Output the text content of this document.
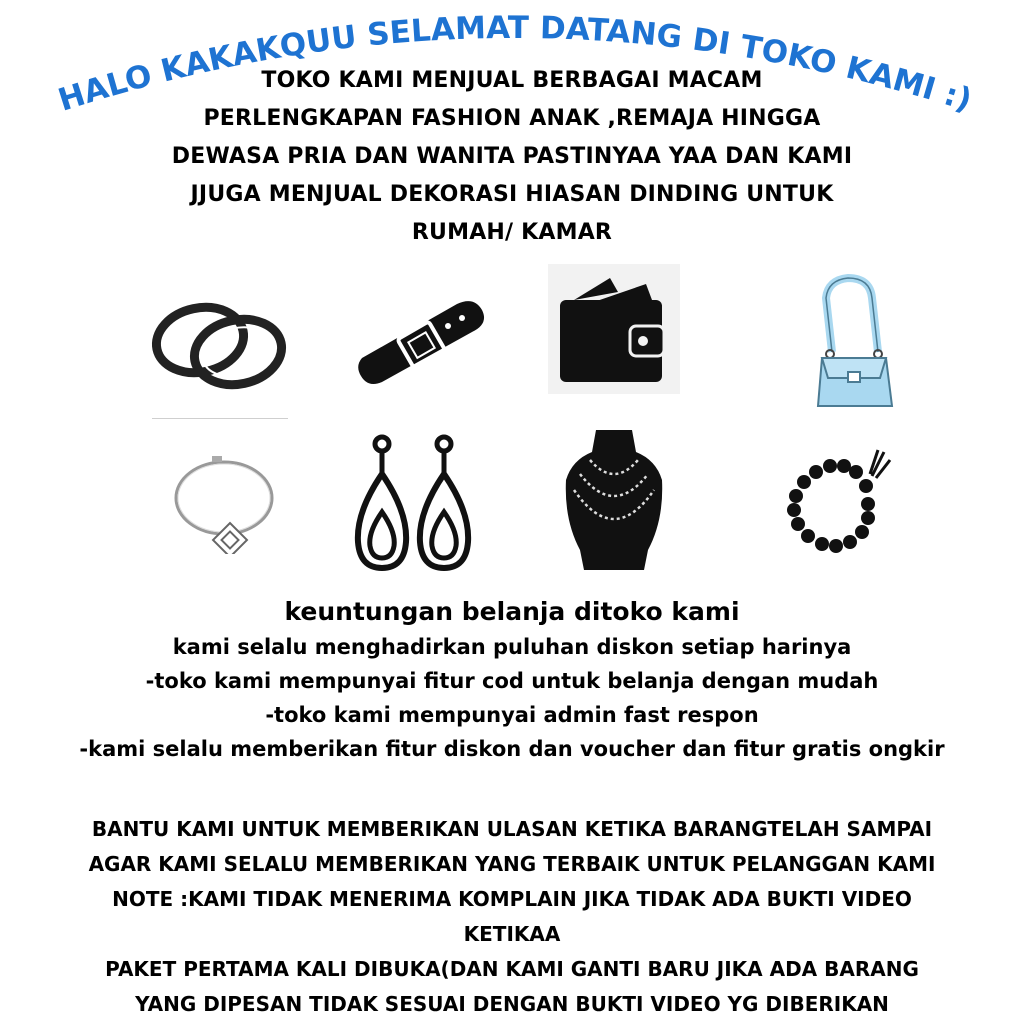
HALO KAKAKQUU SELAMAT DATANG DI TOKO KAMI :)
TOKO KAMI MENJUAL BERBAGAI MACAM
PERLENGKAPAN FASHION ANAK ,REMAJA HINGGA
DEWASA PRIA DAN WANITA PASTINYAA YAA DAN KAMI
JJUGA MENJUAL DEKORASI HIASAN DINDING UNTUK
RUMAH/ KAMAR
keuntungan belanja ditoko kami
kami selalu menghadirkan puluhan diskon setiap harinya
-toko kami mempunyai fitur cod untuk belanja dengan mudah
-toko kami mempunyai admin fast respon
-kami selalu memberikan fitur diskon dan voucher dan fitur gratis ongkir
BANTU KAMI UNTUK MEMBERIKAN ULASAN KETIKA BARANGTELAH SAMPAI
AGAR KAMI SELALU MEMBERIKAN YANG TERBAIK UNTUK PELANGGAN KAMI
NOTE :KAMI TIDAK MENERIMA KOMPLAIN JIKA TIDAK ADA BUKTI VIDEO
KETIKAA
PAKET PERTAMA KALI DIBUKA(DAN KAMI GANTI BARU JIKA ADA BARANG
YANG DIPESAN TIDAK SESUAI DENGAN BUKTI VIDEO YG DIBERIKAN
